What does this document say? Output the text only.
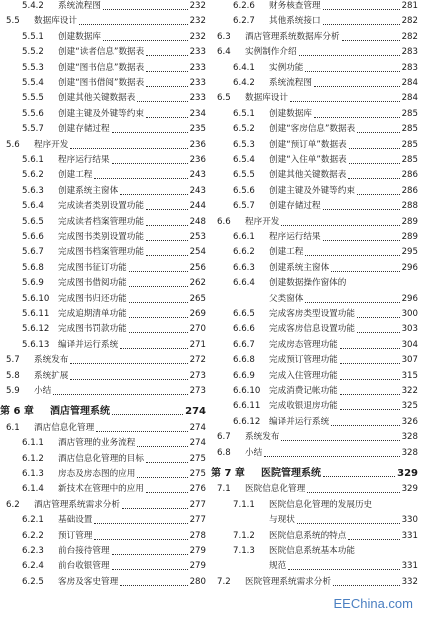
5.4.2	系统流程图	232
5.5	数据库设计	232
5.5.1	创建数据库	232
5.5.2	创建“读者信息”数据表	233
5.5.3	创建“图书信息”数据表	233
5.5.4	创建“图书借阅”数据表	233
5.5.5	创建其他关键数据表	233
5.5.6	创建主键及外键等约束	234
5.5.7	创建存储过程	235
5.6	程序开发	236
5.6.1	程序运行结果	236
5.6.2	创建工程	243
5.6.3	创建系统主窗体	243
5.6.4	完成读者类别设置功能	244
5.6.5	完成读者档案管理功能	248
5.6.6	完成图书类别设置功能	253
5.6.7	完成图书档案管理功能	254
5.6.8	完成图书征订功能	256
5.6.9	完成图书借阅功能	262
5.6.10	完成图书归还功能	265
5.6.11	完成追期清单功能	269
5.6.12	完成图书罚款功能	270
5.6.13	编译并运行系统	271
5.7	系统发布	272
5.8	系统扩展	273
5.9	小结	273
第 6 章	酒店管理系统	274
6.1	酒店信息化管理	274
6.1.1	酒店管理的业务流程	274
6.1.2	酒店信息化管理的目标	275
6.1.3	房态及房态图的应用	275
6.1.4	新技术在管理中的应用	276
6.2	酒店管理系统需求分析	277
6.2.1	基础设置	277
6.2.2	预订管理	278
6.2.3	前台接待管理	279
6.2.4	前台收银管理	279
6.2.5	客房及客史管理	280
6.2.6	财务核查管理	281
6.2.7	其他系统接口	282
6.3	酒店管理系统数据库分析	282
6.4	实例制作介绍	283
6.4.1	实例功能	283
6.4.2	系统流程图	284
6.5	数据库设计	284
6.5.1	创建数据库	285
6.5.2	创建“客房信息”数据表	285
6.5.3	创建“预订单”数据表	285
6.5.4	创建“入住单”数据表	285
6.5.5	创建其他关键数据表	286
6.5.6	创建主键及外键等约束	286
6.5.7	创建存储过程	288
6.6	程序开发	289
6.6.1	程序运行结果	289
6.6.2	创建工程	295
6.6.3	创建系统主窗体	296
6.6.4	创建数据操作窗体的
父类窗体	296
6.6.5	完成客房类型设置功能	300
6.6.6	完成客房信息设置功能	303
6.6.7	完成房态管理功能	304
6.6.8	完成预订管理功能	307
6.6.9	完成入住管理功能	315
6.6.10	完成消费记帐功能	322
6.6.11	完成收银退房功能	325
6.6.12	编译并运行系统	326
6.7	系统发布	328
6.8	小结	328
第 7 章	医院管理系统	329
7.1	医院信息化管理	329
7.1.1	医院信息化管理的发展历史
与现状	330
7.1.2	医院信息系统的特点	331
7.1.3	医院信息系统基本功能
规范	331
7.2	医院管理系统需求分析	332
EEChina.com
